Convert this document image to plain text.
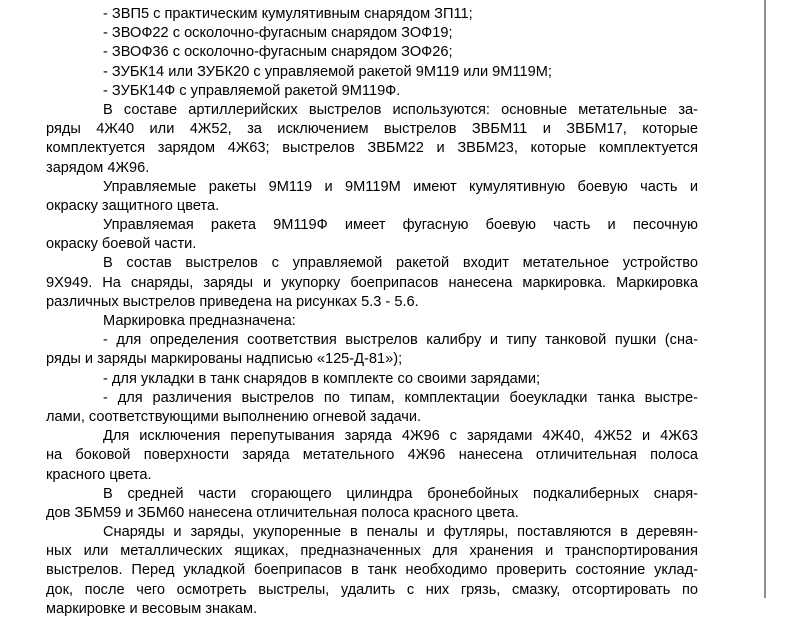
- ЗВП5 с практическим кумулятивным снарядом ЗП11;
- ЗВОФ22 с осколочно-фугасным снарядом ЗОФ19;
- ЗВОФ36 с осколочно-фугасным снарядом ЗОФ26;
- ЗУБК14 или ЗУБК20 с управляемой ракетой 9М119 или 9М119М;
- ЗУБК14Ф с управляемой ракетой 9М119Ф.
В составе артиллерийских выстрелов используются: основные метательные за-
ряды 4Ж40 или 4Ж52, за исключением выстрелов ЗВБМ11 и ЗВБМ17, которые
комплектуется зарядом 4Ж63; выстрелов ЗВБМ22 и ЗВБМ23, которые комплектуется
зарядом 4Ж96.
Управляемые ракеты 9М119 и 9М119М имеют кумулятивную боевую часть и
окраску защитного цвета.
Управляемая ракета 9М119Ф имеет фугасную боевую часть и песочную
окраску боевой части.
В состав выстрелов с управляемой ракетой входит метательное устройство
9Х949. На снаряды, заряды и укупорку боеприпасов нанесена маркировка. Маркировка
различных выстрелов приведена на рисунках 5.3 - 5.6.
Маркировка предназначена:
- для определения соответствия выстрелов калибру и типу танковой пушки (сна-
ряды и заряды маркированы надписью «125-Д-81»);
- для укладки в танк снарядов в комплекте со своими зарядами;
- для различения выстрелов по типам, комплектации боеукладки танка выстре-
лами, соответствующими выполнению огневой задачи.
Для исключения перепутывания заряда 4Ж96 с зарядами 4Ж40, 4Ж52 и 4Ж63
на боковой поверхности заряда метательного 4Ж96 нанесена отличительная полоса
красного цвета.
В средней части сгорающего цилиндра бронебойных подкалиберных снаря-
дов ЗБМ59 и ЗБМ60 нанесена отличительная полоса красного цвета.
Снаряды и заряды, укупоренные в пеналы и футляры, поставляются в деревян-
ных или металлических ящиках, предназначенных для хранения и транспортирования
выстрелов. Перед укладкой боеприпасов в танк необходимо проверить состояние уклад-
док, после чего осмотреть выстрелы, удалить с них грязь, смазку, отсортировать по
маркировке и весовым знакам.
